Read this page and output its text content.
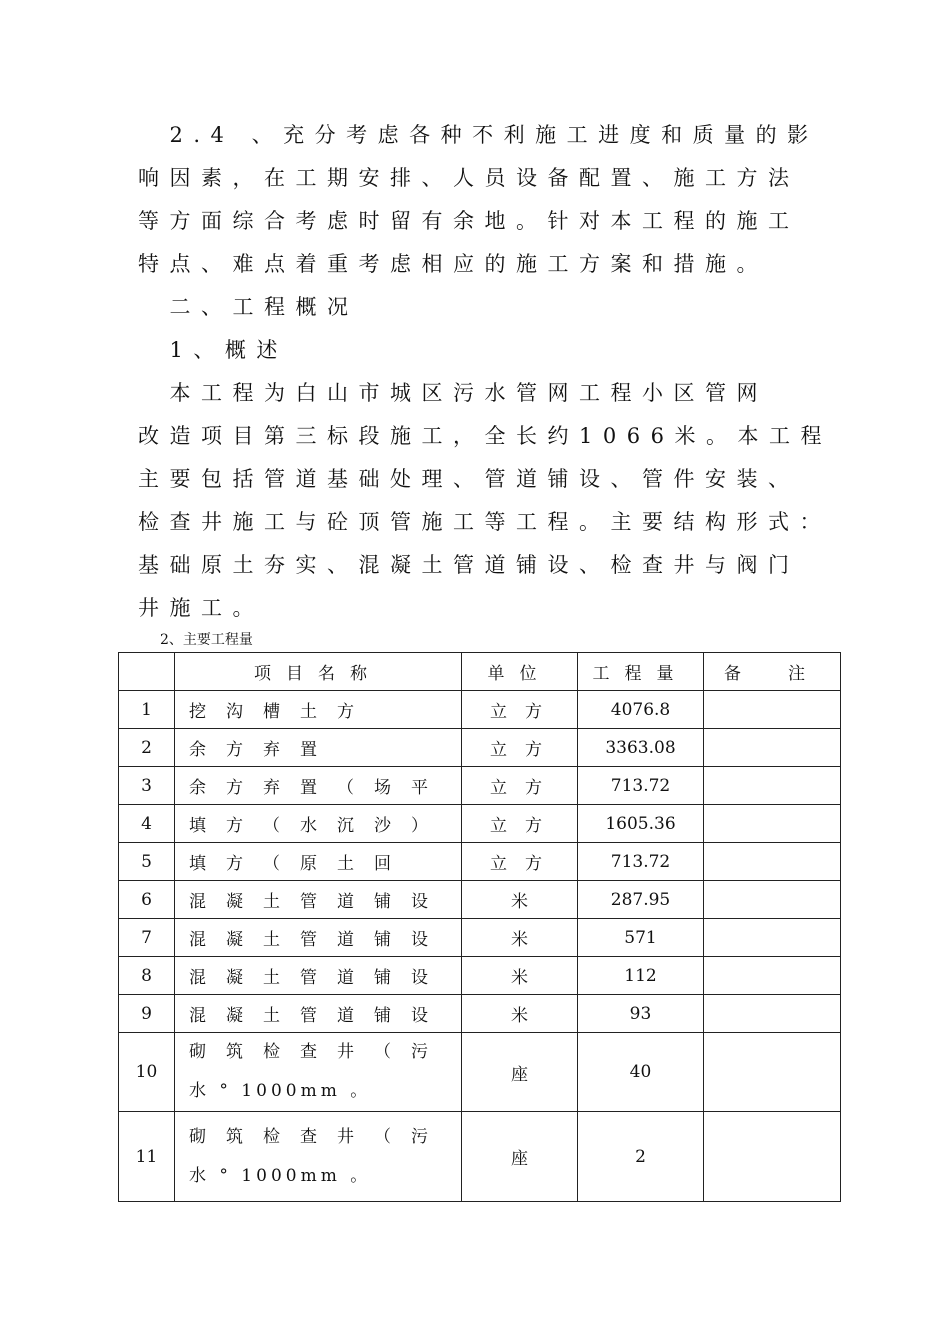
　2.4 、充分考虑各种不利施工进度和质量的影
响因素，在工期安排、人员设备配置、施工方法
等方面综合考虑时留有余地。针对本工程的施工
特点、难点着重考虑相应的施工方案和措施。
　二、工程概况
　1、概述
　本工程为白山市城区污水管网工程小区管网
改造项目第三标段施工，全长约1066米。本工程
主要包括管道基础处理、管道铺设、管件安装、
检查井施工与砼顶管施工等工程。主要结构形式：
基础原土夯实、混凝土管道铺设、检查井与阀门
井施工。
2、主要工程量
	项目名称	单位	工程量	备　注
1	挖沟槽土方	立方	4076.8	
2	余方弃置	立方	3363.08	
3	余方弃置（场平	立方	713.72	
4	填方（水沉沙）	立方	1605.36	
5	填方（原土回	立方	713.72	
6	混凝土管道铺设	米	287.95	
7	混凝土管道铺设	米	571	
8	混凝土管道铺设	米	112	
9	混凝土管道铺设	米	93	
10	砌筑检查井（污
水 ° 1000mm 。	座	40	
11	砌筑检查井（污
水 ° 1000mm 。	座	2	
